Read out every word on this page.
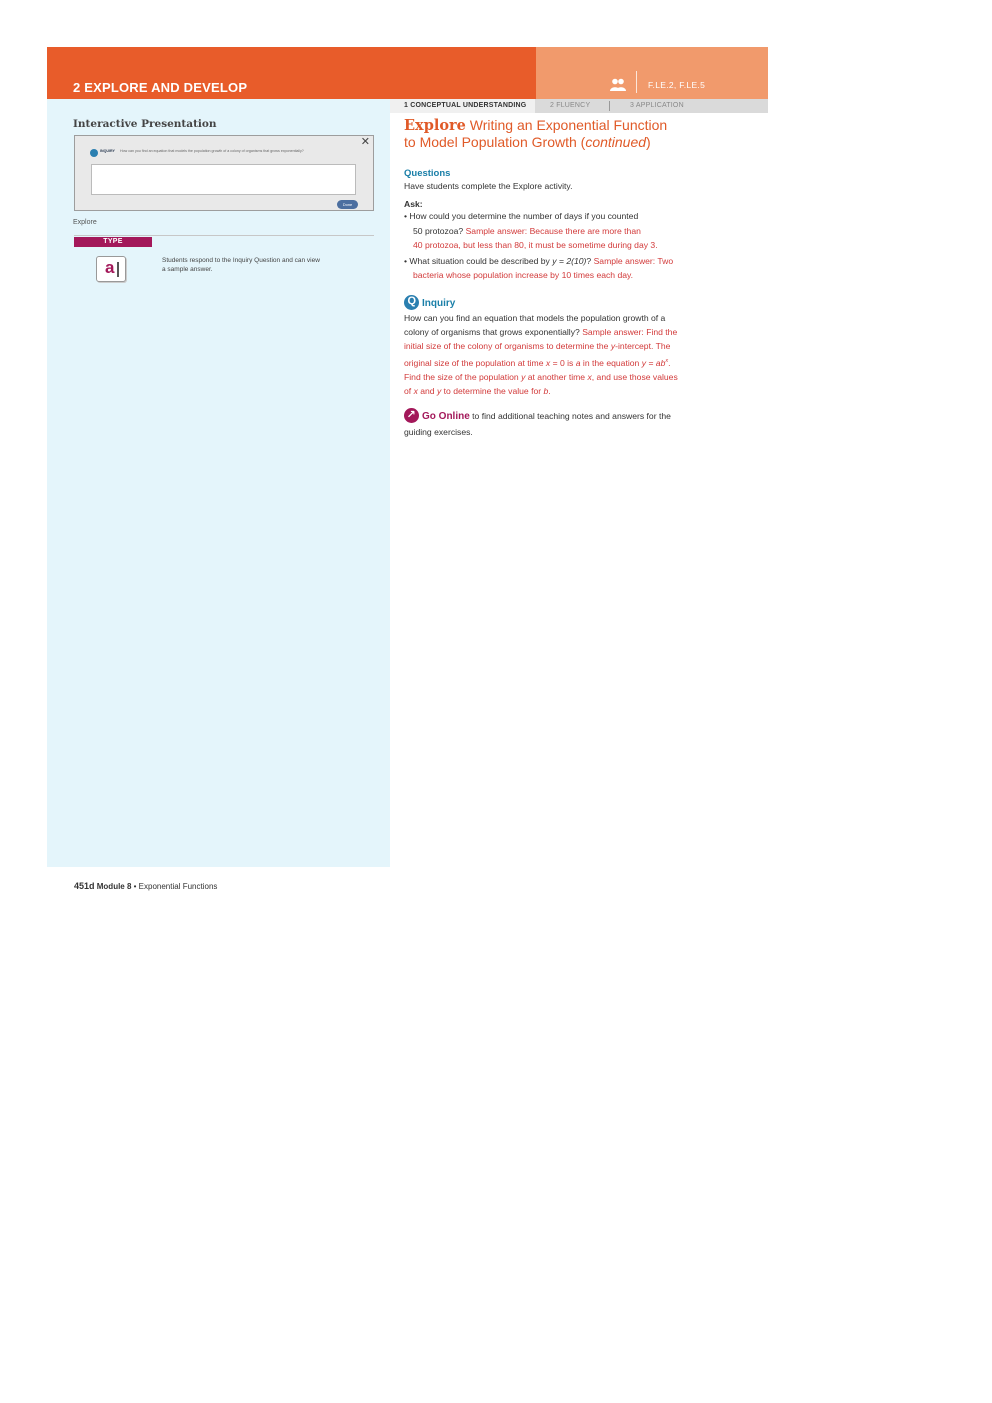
2 EXPLORE AND DEVELOP	F.LE.2, F.LE.5
Interactive Presentation
✕
INQUIRY How can you find an equation that models the population growth of a colony of organisms that grows exponentially?
Done
Explore
TYPE
a	Students respond to the Inquiry Question and can view a sample answer.
1 CONCEPTUAL UNDERSTANDING	2 FLUENCY	3 APPLICATION
Explore Writing an Exponential Function
to Model Population Growth (continued)
Questions
Have students complete the Explore activity.
Ask:
• How could you determine the number of days if you counted
50 protozoa? Sample answer: Because there are more than
40 protozoa, but less than 80, it must be sometime during day 3.
• What situation could be described by y = 2(10)? Sample answer: Two
bacteria whose population increase by 10 times each day.
QInquiry
How can you find an equation that models the population growth of a
colony of organisms that grows exponentially? Sample answer: Find the
initial size of the colony of organisms to determine the y-intercept. The
original size of the population at time x = 0 is a in the equation $y = ab^x$.
Find the size of the population y at another time x, and use those values
of x and y to determine the value for b.
↗Go Online to find additional teaching notes and answers for the
guiding exercises.
451d Module 8 • Exponential Functions
